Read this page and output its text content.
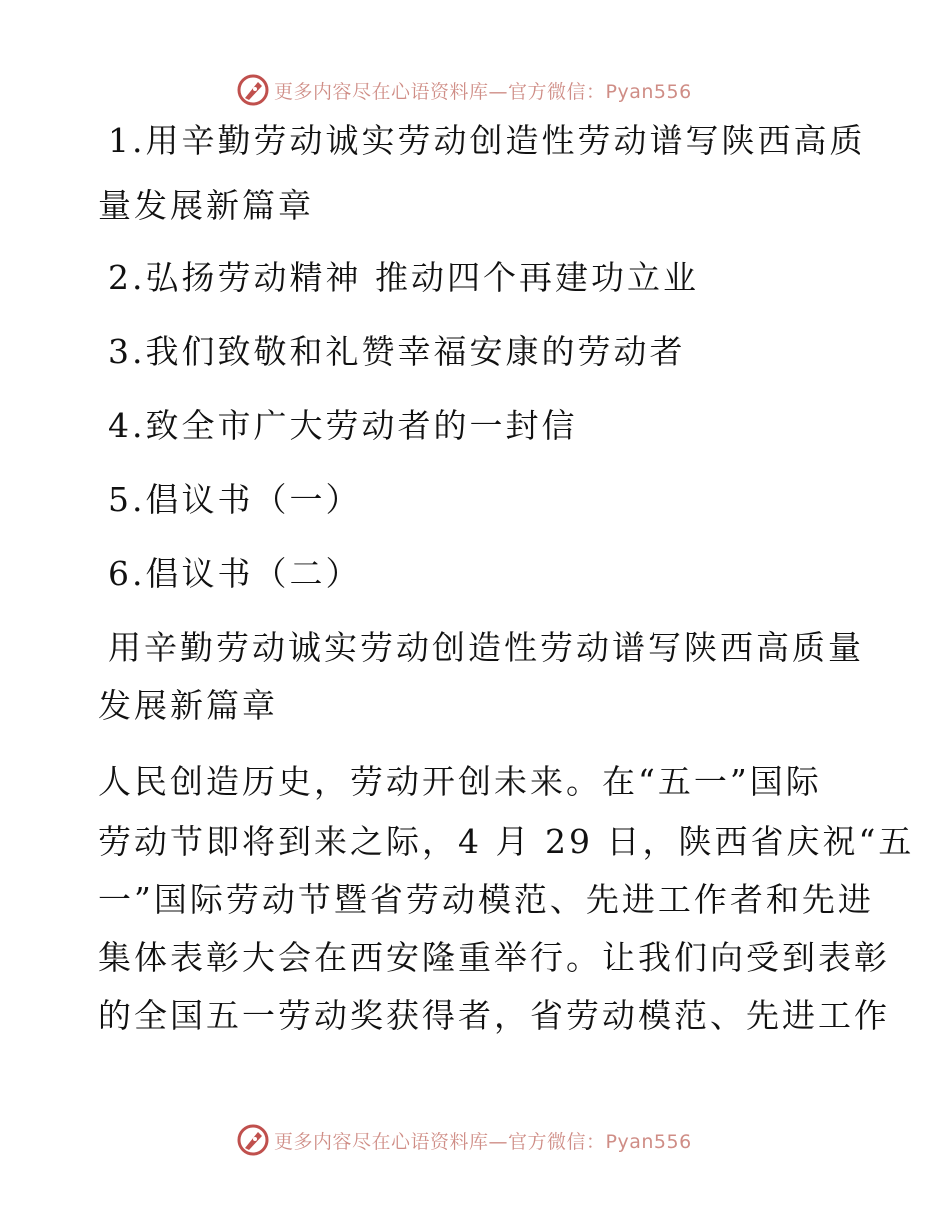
更多内容尽在心语资料库—官方微信：Pyan556
1.用辛勤劳动诚实劳动创造性劳动谱写陕西高质
量发展新篇章
2.弘扬劳动精神 推动四个再建功立业
3.我们致敬和礼赞幸福安康的劳动者
4.致全市广大劳动者的一封信
5.倡议书（一）
6.倡议书（二）
用辛勤劳动诚实劳动创造性劳动谱写陕西高质量
发展新篇章
人民创造历史，劳动开创未来。在“五一”国际
劳动节即将到来之际，4 月 29 日，陕西省庆祝“五
一”国际劳动节暨省劳动模范、先进工作者和先进
集体表彰大会在西安隆重举行。让我们向受到表彰
的全国五一劳动奖获得者，省劳动模范、先进工作
更多内容尽在心语资料库—官方微信：Pyan556
